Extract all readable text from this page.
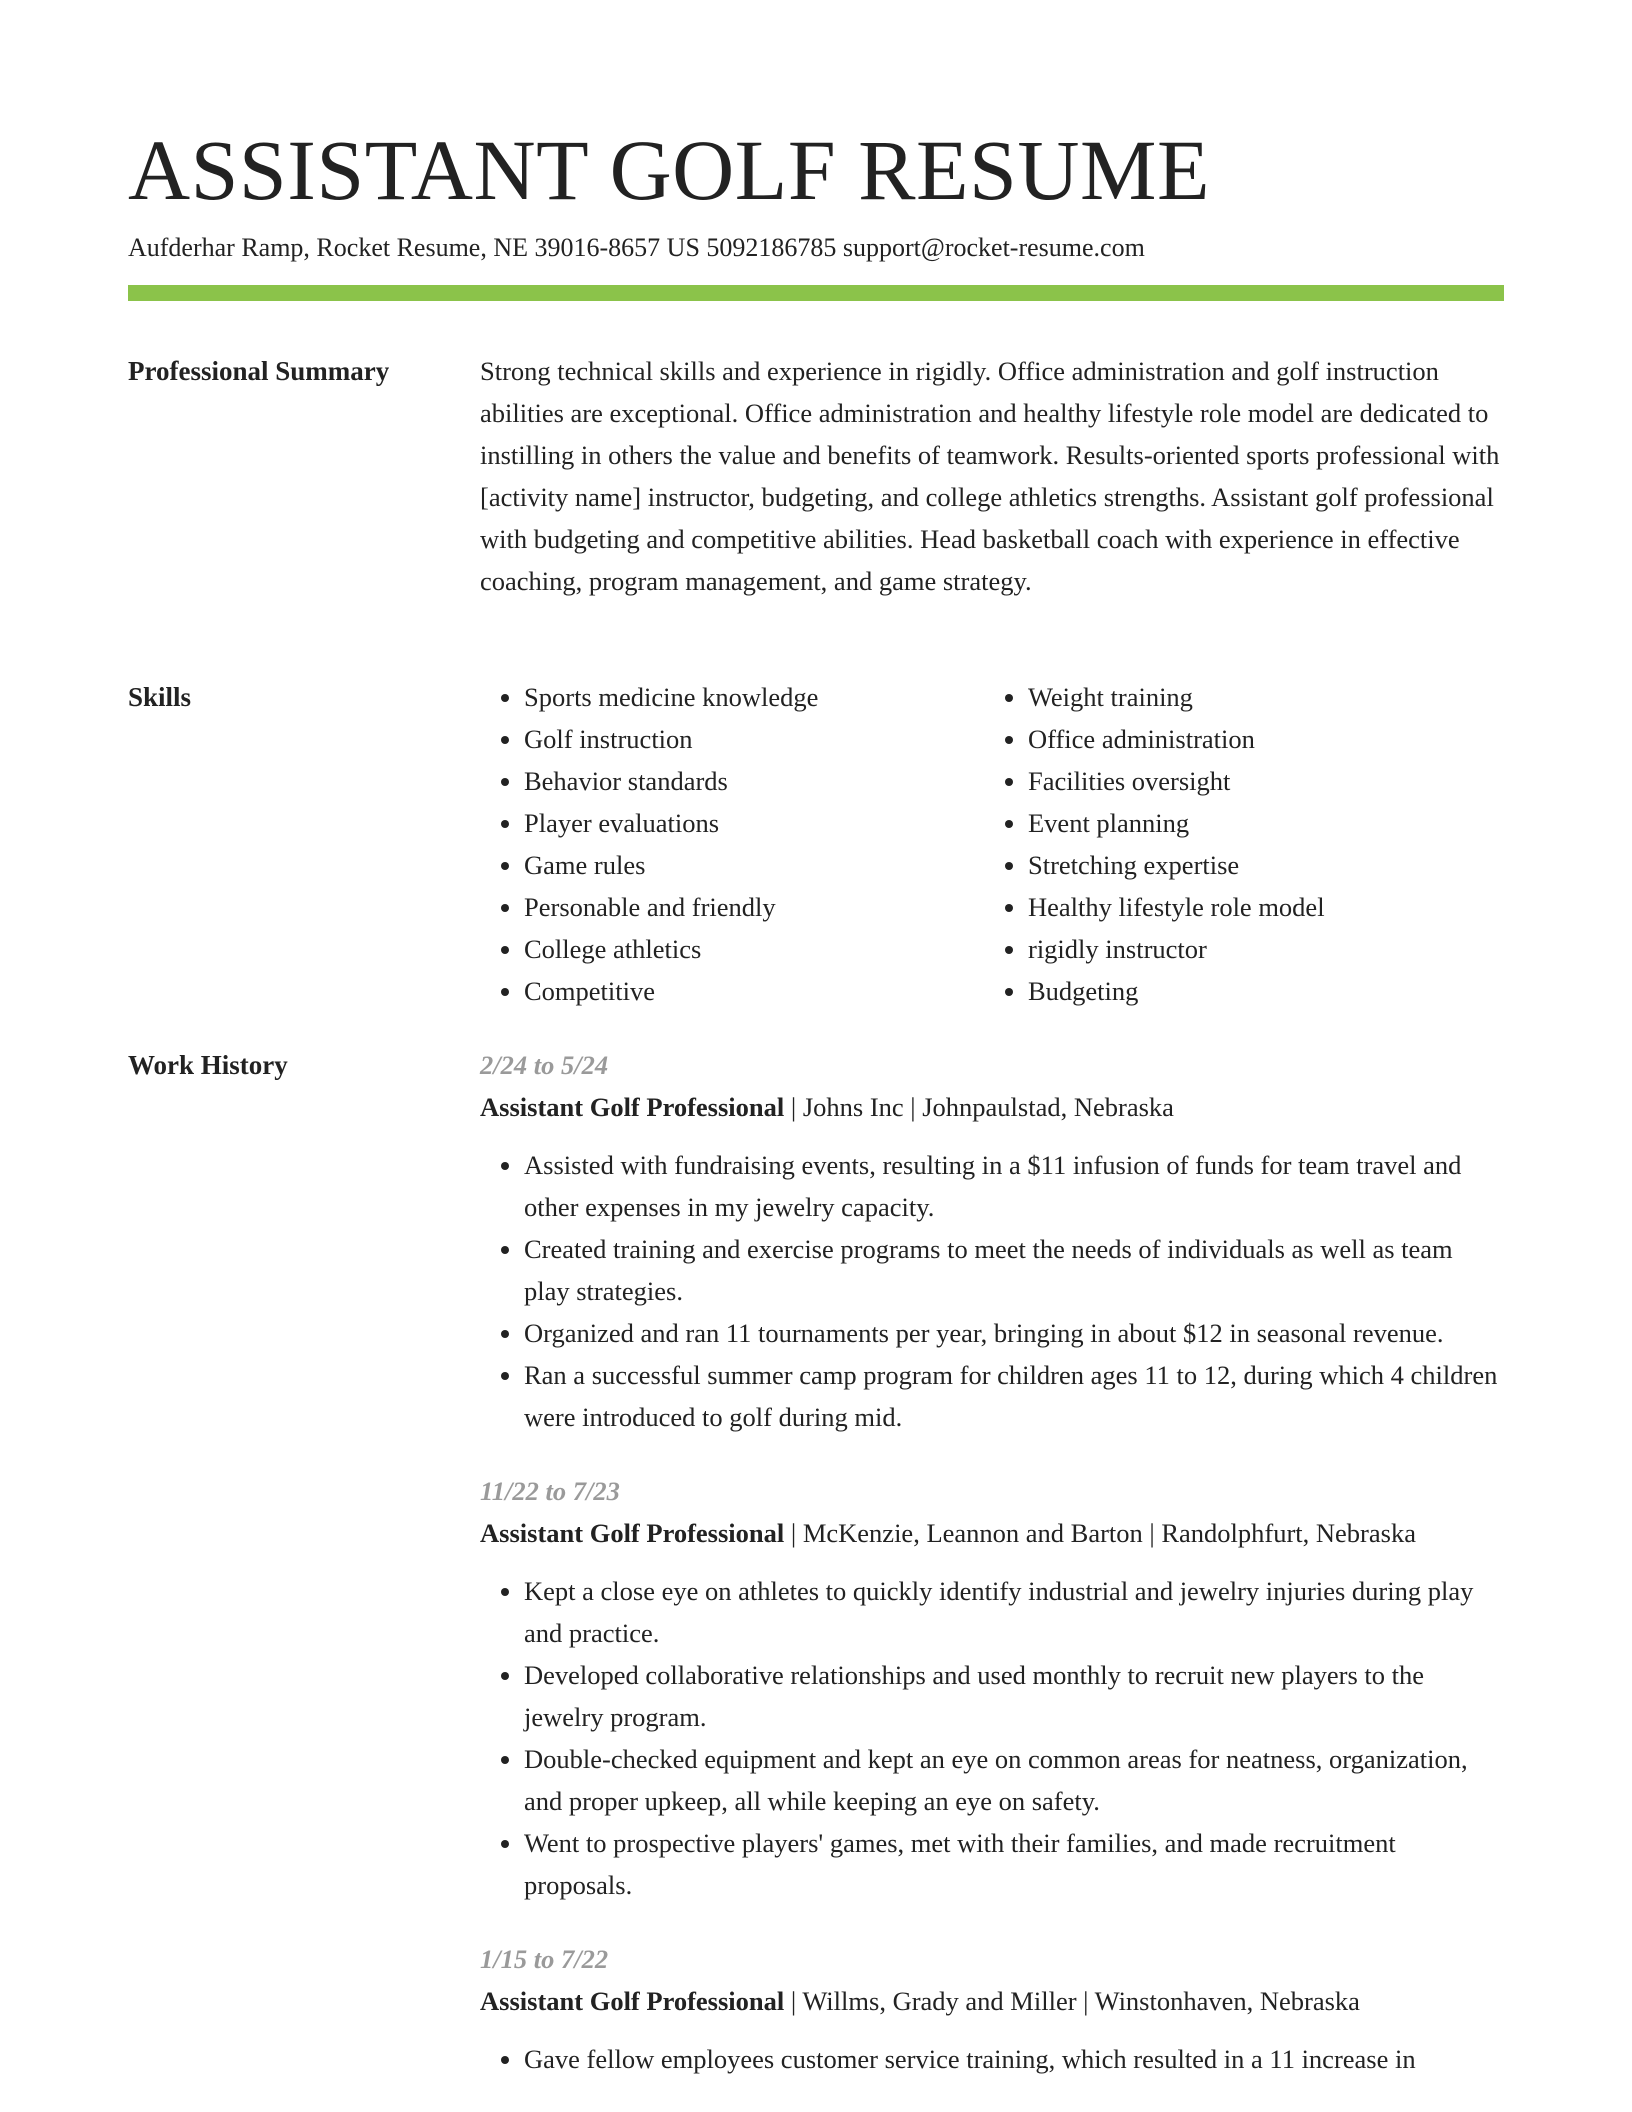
ASSISTANT GOLF RESUME
Aufderhar Ramp, Rocket Resume, NE 39016-8657 US 5092186785 support@rocket-resume.com
Professional Summary	Strong technical skills and experience in rigidly. Office administration and golf instruction abilities are exceptional. Office administration and healthy lifestyle role model are dedicated to instilling in others the value and benefits of teamwork. Results-oriented sports professional with [activity name] instructor, budgeting, and college athletics strengths. Assistant golf professional with budgeting and competitive abilities. Head basketball coach with experience in effective coaching, program management, and game strategy.

Skills
•	Sports medicine knowledge
• Golf instruction
• Behavior standards
• Player evaluations
• Game rules
• Personable and friendly
• College athletics
• Competitive
• Weight training
• Office administration
• Facilities oversight
• Event planning
• Stretching expertise
• Healthy lifestyle role model
• rigidly instructor
• Budgeting
Work History	2/24 to 5/24
Assistant Golf Professional | Johns Inc | Johnpaulstad, Nebraska
• Assisted with fundraising events, resulting in a $11 infusion of funds for team travel and other expenses in my jewelry capacity.
• Created training and exercise programs to meet the needs of individuals as well as team play strategies.
• Organized and ran 11 tournaments per year, bringing in about $12 in seasonal revenue.
• Ran a successful summer camp program for children ages 11 to 12, during which 4 children were introduced to golf during mid.
11/22 to 7/23
Assistant Golf Professional | McKenzie, Leannon and Barton | Randolphfurt, Nebraska
• Kept a close eye on athletes to quickly identify industrial and jewelry injuries during play and practice.
• Developed collaborative relationships and used monthly to recruit new players to the jewelry program.
• Double-checked equipment and kept an eye on common areas for neatness, organization, and proper upkeep, all while keeping an eye on safety.
• Went to prospective players' games, met with their families, and made recruitment proposals.
1/15 to 7/22
Assistant Golf Professional | Willms, Grady and Miller | Winstonhaven, Nebraska
• Gave fellow employees customer service training, which resulted in a 11 increase in
